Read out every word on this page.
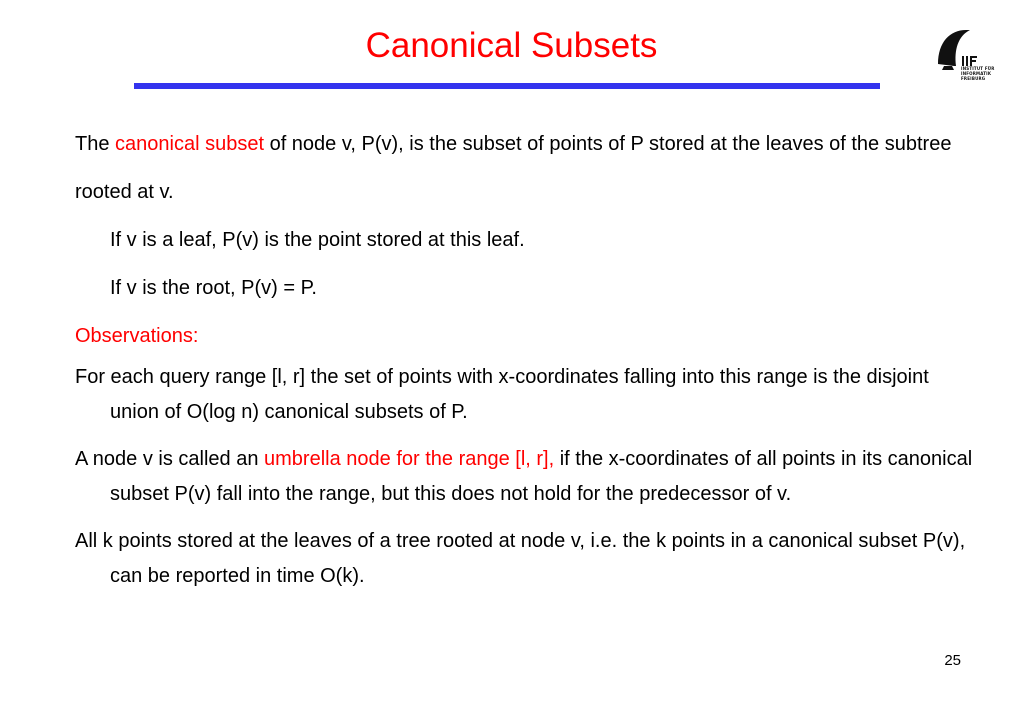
Canonical Subsets
INSTITUT FÜR
INFORMATIK
FREIBURG

The canonical subset of node v, P(v), is the subset of points of P stored at the leaves of the subtree rooted at v.

If v is a leaf, P(v) is the point stored at this leaf.

If v is the root, P(v) = P.

Observations:

For each query range [l, r] the set of points with x-coordinates falling into this range is the disjoint union of O(log n) canonical subsets of P.

A node v is called an umbrella node for the range [l, r], if the x-coordinates of all points in its canonical subset P(v) fall into the range, but this does not hold for the predecessor of v.

All k points stored at the leaves of a tree rooted at node v, i.e. the k points in a canonical subset P(v), can be reported in time O(k).

25
